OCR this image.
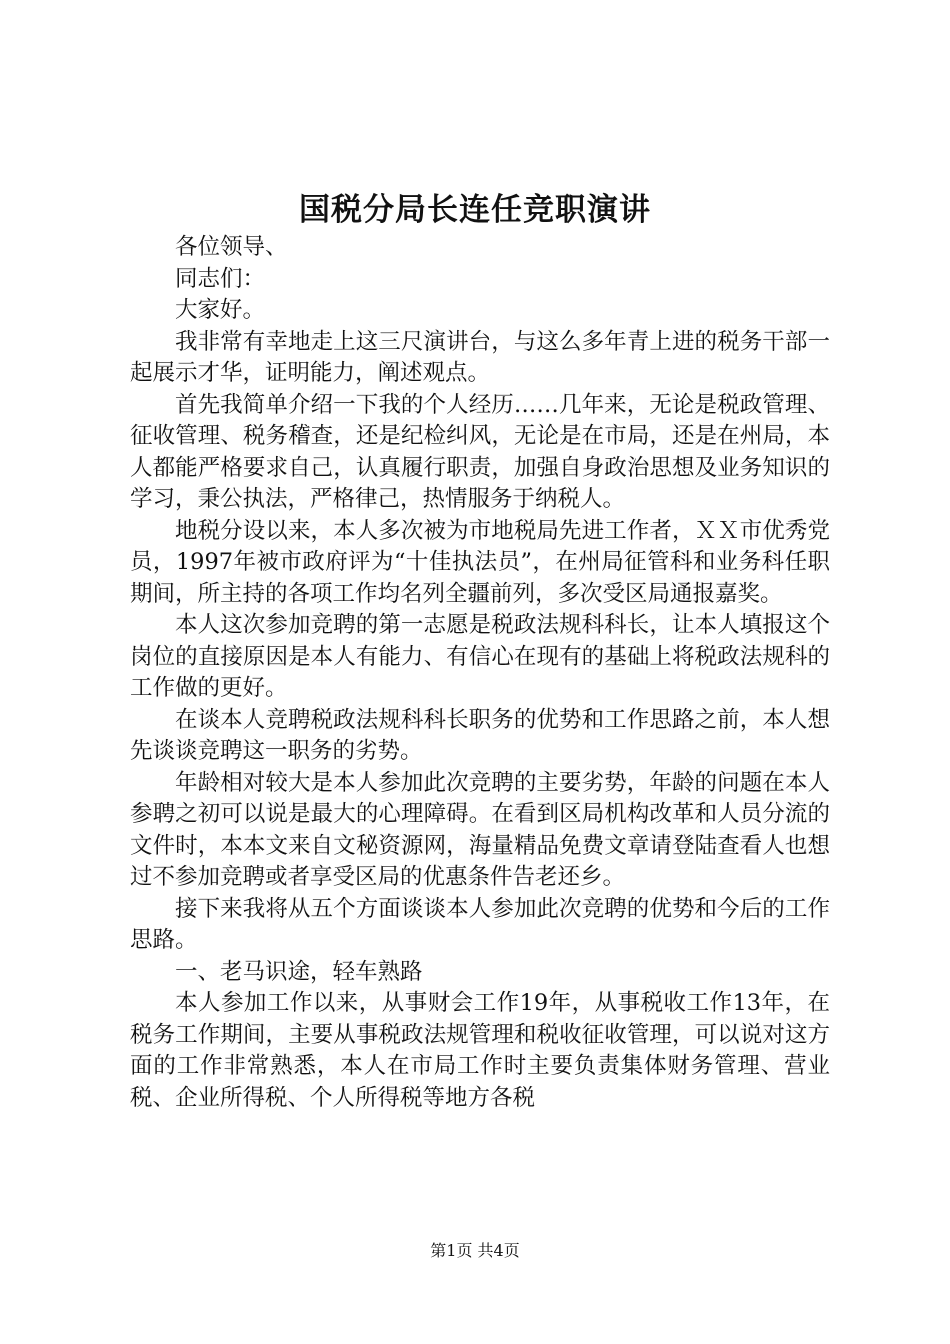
国税分局长连任竞职演讲

各位领导、

同志们：

大家好。

我非常有幸地走上这三尺演讲台，与这么多年青上进的税务干部一起展示才华，证明能力，阐述观点。

首先我简单介绍一下我的个人经历……几年来，无论是税政管理、征收管理、税务稽查，还是纪检纠风，无论是在市局，还是在州局，本人都能严格要求自己，认真履行职责，加强自身政治思想及业务知识的学习，秉公执法，严格律己，热情服务于纳税人。

地税分设以来，本人多次被为市地税局先进工作者，ＸＸ市优秀党员，1997年被市政府评为“十佳执法员”，在州局征管科和业务科任职期间，所主持的各项工作均名列全疆前列，多次受区局通报嘉奖。

本人这次参加竞聘的第一志愿是税政法规科科长，让本人填报这个岗位的直接原因是本人有能力、有信心在现有的基础上将税政法规科的工作做的更好。

在谈本人竞聘税政法规科科长职务的优势和工作思路之前，本人想先谈谈竞聘这一职务的劣势。

年龄相对较大是本人参加此次竞聘的主要劣势，年龄的问题在本人参聘之初可以说是最大的心理障碍。在看到区局机构改革和人员分流的文件时，本本文来自文秘资源网，海量精品免费文章请登陆查看人也想过不参加竞聘或者享受区局的优惠条件告老还乡。

接下来我将从五个方面谈谈本人参加此次竞聘的优势和今后的工作思路。

一、老马识途，轻车熟路

本人参加工作以来，从事财会工作19年，从事税收工作13年，在税务工作期间，主要从事税政法规管理和税收征收管理，可以说对这方面的工作非常熟悉，本人在市局工作时主要负责集体财务管理、营业税、企业所得税、个人所得税等地方各税

第1页 共4页
